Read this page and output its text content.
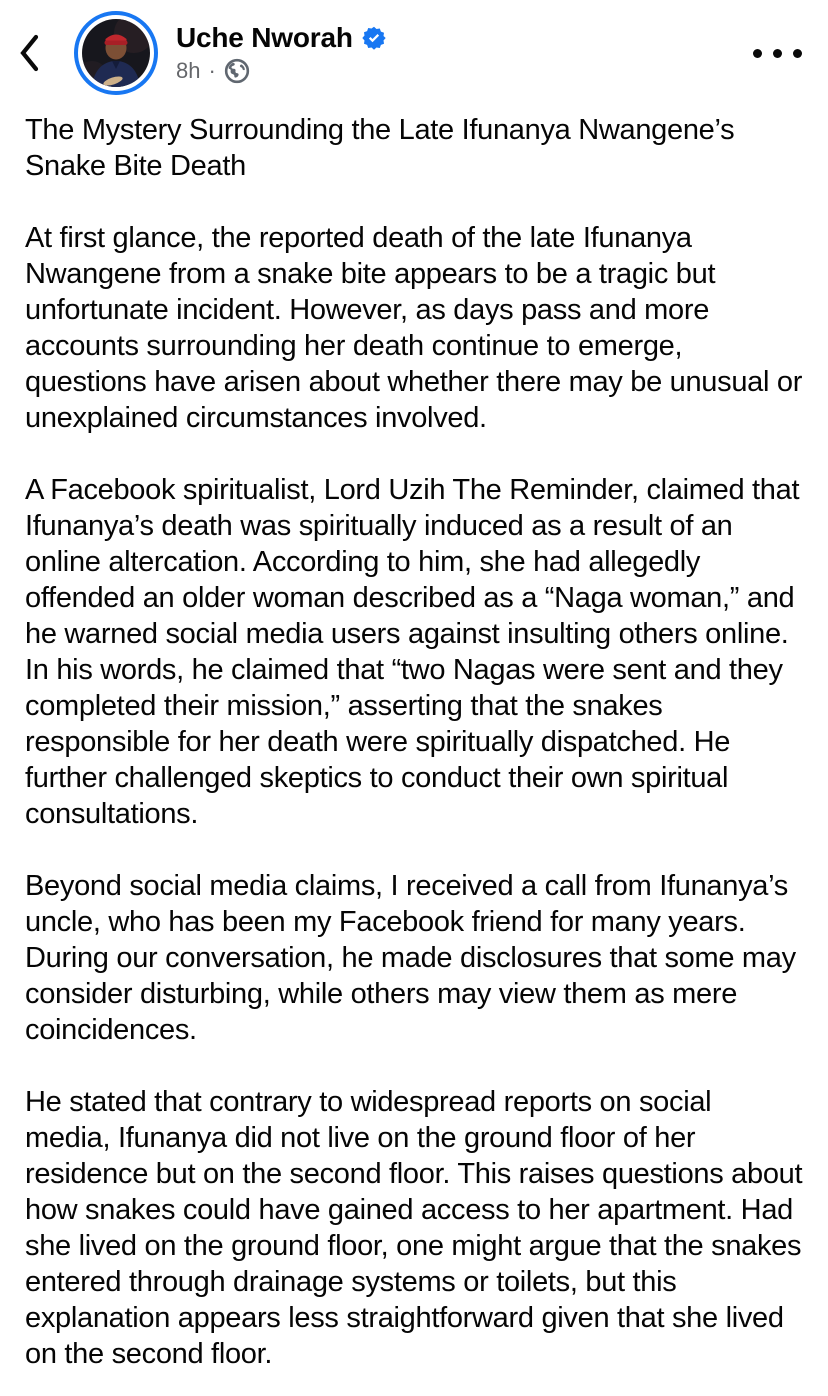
Uche Nworah
8h ·

The Mystery Surrounding the Late Ifunanya Nwangene’s Snake Bite Death

At first glance, the reported death of the late Ifunanya Nwangene from a snake bite appears to be a tragic but unfortunate incident. However, as days pass and more accounts surrounding her death continue to emerge, questions have arisen about whether there may be unusual or unexplained circumstances involved.

A Facebook spiritualist, Lord Uzih The Reminder, claimed that Ifunanya’s death was spiritually induced as a result of an online altercation. According to him, she had allegedly offended an older woman described as a “Naga woman,” and he warned social media users against insulting others online. In his words, he claimed that “two Nagas were sent and they completed their mission,” asserting that the snakes responsible for her death were spiritually dispatched. He further challenged skeptics to conduct their own spiritual consultations.

Beyond social media claims, I received a call from Ifunanya’s uncle, who has been my Facebook friend for many years. During our conversation, he made disclosures that some may consider disturbing, while others may view them as mere coincidences.

He stated that contrary to widespread reports on social media, Ifunanya did not live on the ground floor of her residence but on the second floor. This raises questions about how snakes could have gained access to her apartment. Had she lived on the ground floor, one might argue that the snakes entered through drainage systems or toilets, but this explanation appears less straightforward given that she lived on the second floor.
